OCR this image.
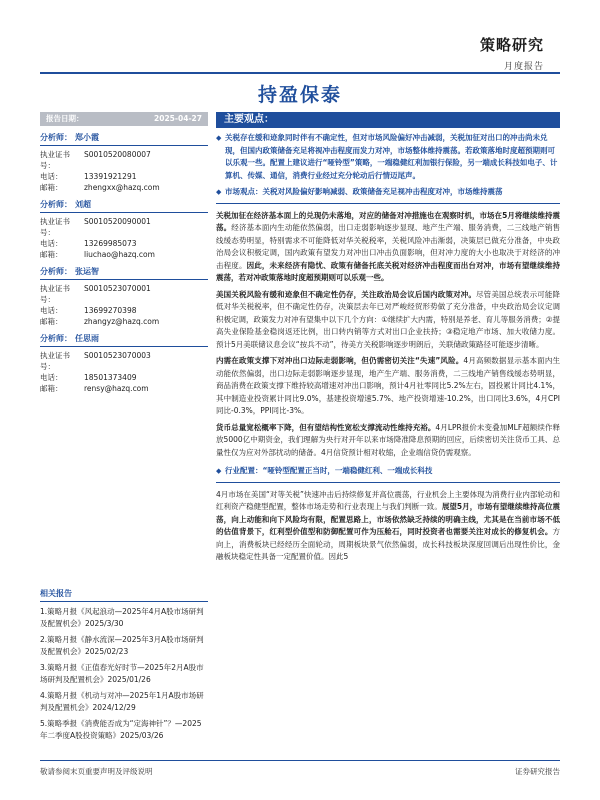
策略研究
月度报告
持盈保泰
报告日期：	2025-04-27
分析师： 郑小霞
执业证书号：
S0010520080007
电话：	13391921291
邮箱：	zhengxx@hazq.com
分析师： 刘超
执业证书号：
S0010520090001
电话：	13269985073
邮箱：	liuchao@hazq.com
分析师： 张运智
执业证书号：
S0010523070001
电话：	13699270398
邮箱：	zhangyz@hazq.com
分析师： 任思雨
执业证书号：
S0010523070003
电话：	18501373409
邮箱：	rensy@hazq.com
相关报告
1.策略月报《风起浪动—2025年4月A股市场研判及配置机会》2025/3/30
2.策略月报《静水流深—2025年3月A股市场研判及配置机会》2025/02/23
3.策略月报《正值春光好时节—2025年2月A股市场研判及配置机会》2025/01/26
4.策略月报《机动与对冲—2025年1月A股市场研判及配置机会》2024/12/29
5.策略季报《消费能否成为“定海神针”？—2025年二季度A股投资策略》2025/03/26
主要观点：
◆ 关税存在缓和迹象同时伴有不确定性，但对市场风险偏好冲击减弱，关税加征对出口的冲击尚未兑现，但国内政策储备充足将视冲击程度而发力对冲，市场整体维持震荡。若政策落地时度超预期则可以乐观一些。配置上建议进行“哑铃型”策略，一端稳健红利加银行保险，另一端成长科技如电子、计算机、传媒、通信，消费行业经过充分轮动后行情迈尾声。
◆ 市场观点：关税对风险偏好影响减弱、政策储备充足视冲击程度对冲，市场维持震荡
关税加征在经济基本面上的兑现仍未落地，对应的储备对冲措施也在观察时机，市场在5月将继续维持震荡。经济基本面内生动能依然偏弱，出口走弱影响逐步显现、地产生产端、服务消费，二三线地产销售线缓态势明显，特别需求不可能降低对华关税税率，关税风险冲击渐弱，决策层已做充分准备，中央政治局会议积极定调，国内政策有望发力对冲出口冲击负面影响，但对冲力度的大小也取决于对经济的冲击程度。因此，未来经济有隐忧、政策有储备托底关税对经济冲击程度而出台对冲，市场有望继续维持震荡，若对冲政策落地时度超预期则可以乐观一些。
美国关税风险有缓和迹象但不确定性仍存，关注政治局会议后国内政策对冲。尽管美国总统表示可能降低对华关税税率，但不确定性仍存，决策层去年已对严峻经贸形势做了充分准备，中央政治局会议定调积极定调，政策发力对冲有望集中以下几个方向：①继续扩大内需，特别是养老、育儿等服务消费；②提高失业保险基金稳岗返还比例，出口转内销等方式对出口企业扶持；③稳定地产市场、加大收储力度。预计5月美联储议息会议“按兵不动”，待美方关税影响逐步明朗后，关联储政策路径可能逐步清晰。
内需在政策支撑下对冲出口边际走弱影响，但仍需密切关注“失速”风险。4月高频数据显示基本面内生动能依然偏弱，出口边际走弱影响逐步显现，地产生产端、服务消费，二三线地产销售线缓态势明显，商品消费在政策支撑下维持较高增速对冲出口影响，预计4月社零同比5.2%左右，固投累计同比4.1%，其中制造业投资累计同比9.0%，基建投资增速5.7%、地产投资增速-10.2%，出口同比3.6%，4月CPI同比-0.3%，PPI同比-3%。
货币总量宽松概率下降，但有望结构性宽松支撑流动性维持充裕。4月LPR报价未变叠加MLF超额续作释放5000亿中期资金，我们理解为央行对开年以来市场降准降息预期的回应，后续密切关注货币工具、总量性仅为应对外部扰动的储备。4月信贷预计相对收缩，企业端信贷仍需观察。
◆ 行业配置：“哑铃型配置正当时，一端稳健红利、一端成长科技
4月市场在美国“对等关税”快速冲击后持续修复并高位震荡，行业机会上主要体现为消费行业内部轮动和红利资产稳健型配置，整体市场走势和行业表现上与我们判断一致。展望5月，市场有望继续维持高位震荡，向上动能和向下风险均有限，配置思路上，市场依然缺乏持续的明确主线，尤其是在当前市场不低的估值背景下，红利型价值型和防御配置可作为压舱石，同时投资者也需要关注对成长的修复机会。方向上，消费板块已经经历全面轮动，周期板块景气依然偏弱，成长科技板块深度回调后出现性价比，金融板块稳定性具备一定配置价值。因此5
敬请参阅末页重要声明及评级说明	证券研究报告
